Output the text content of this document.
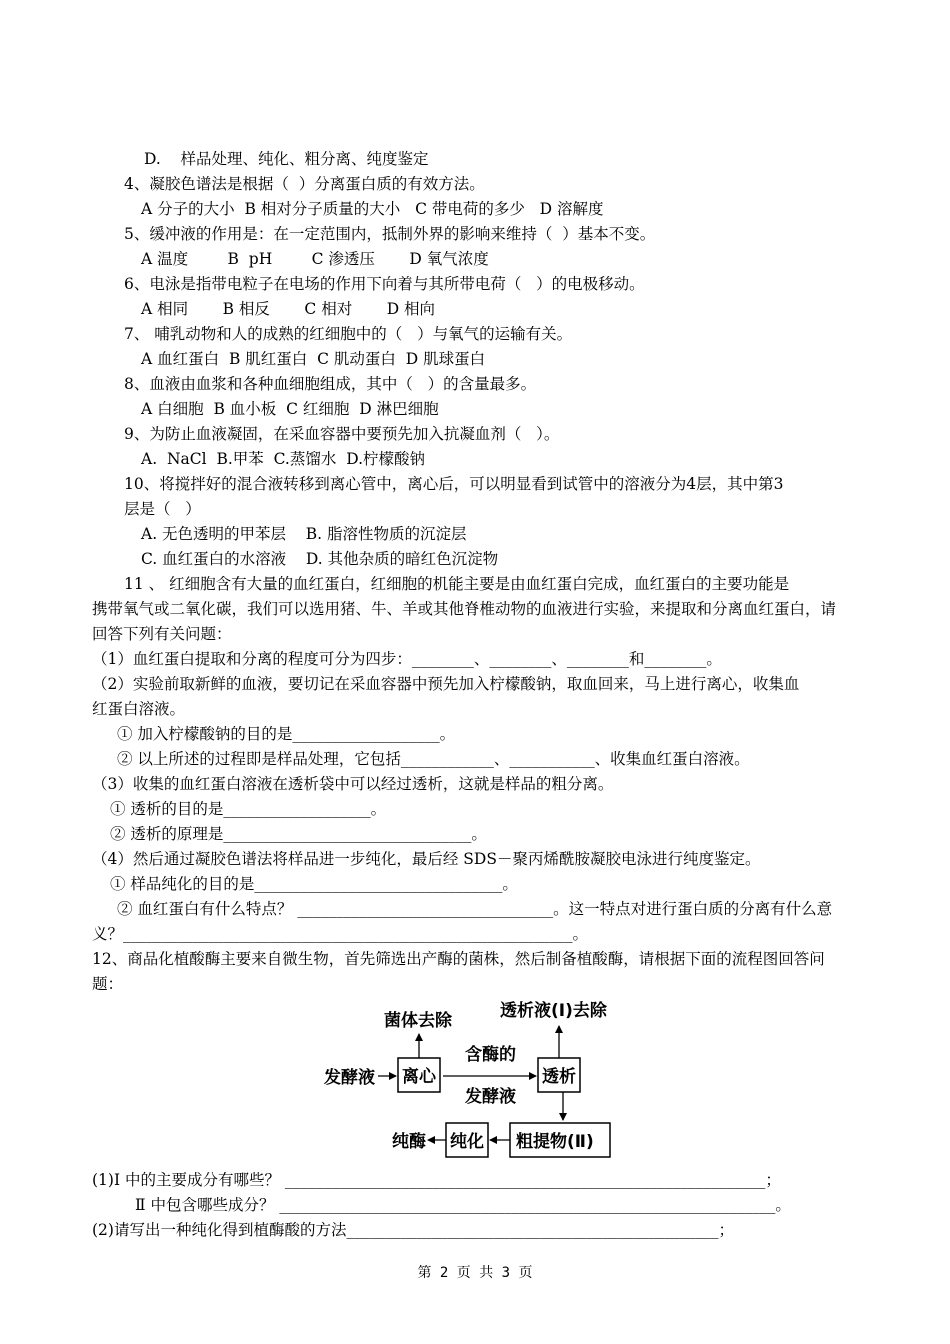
D.    样品处理、纯化、粗分离、纯度鉴定
4、凝胶色谱法是根据（  ）分离蛋白质的有效方法。
A 分子的大小  B 相对分子质量的大小   C 带电荷的多少   D 溶解度
5、缓冲液的作用是：在一定范围内，抵制外界的影响来维持（  ）基本不变。
A 温度        B  pH        C 渗透压       D 氧气浓度
6、电泳是指带电粒子在电场的作用下向着与其所带电荷（   ）的电极移动。
A 相同       B 相反       C 相对       D 相向
7、 哺乳动物和人的成熟的红细胞中的（   ）与氧气的运输有关。
A 血红蛋白  B 肌红蛋白  C 肌动蛋白  D 肌球蛋白
8、血液由血浆和各种血细胞组成，其中（   ）的含量最多。
A 白细胞  B 血小板  C 红细胞  D 淋巴细胞
9、为防止血液凝固，在采血容器中要预先加入抗凝血剂（   ）。
A.  NaCl  B.甲苯  C.蒸馏水  D.柠檬酸钠
10、将搅拌好的混合液转移到离心管中，离心后，可以明显看到试管中的溶液分为4层，其中第3
层是（   ）
A. 无色透明的甲苯层    B. 脂溶性物质的沉淀层
C. 血红蛋白的水溶液    D. 其他杂质的暗红色沉淀物
11 、 红细胞含有大量的血红蛋白，红细胞的机能主要是由血红蛋白完成，血红蛋白的主要功能是
携带氧气或二氧化碳，我们可以选用猪、牛、羊或其他脊椎动物的血液进行实验，来提取和分离血红蛋白，请
回答下列有关问题：
（1）血红蛋白提取和分离的程度可分为四步：________、________、________和________。
（2）实验前取新鲜的血液，要切记在采血容器中预先加入柠檬酸钠，取血回来，马上进行离心，收集血
红蛋白溶液。
① 加入柠檬酸钠的目的是___________________。
② 以上所述的过程即是样品处理，它包括____________、___________、收集血红蛋白溶液。
（3）收集的血红蛋白溶液在透析袋中可以经过透析，这就是样品的粗分离。
① 透析的目的是___________________。
② 透析的原理是________________________________。
（4）然后通过凝胶色谱法将样品进一步纯化，最后经 SDS－聚丙烯酰胺凝胶电泳进行纯度鉴定。
① 样品纯化的目的是________________________________。
② 血红蛋白有什么特点？ _________________________________。这一特点对进行蛋白质的分离有什么意
义？__________________________________________________________。
12、商品化植酸酶主要来自微生物，首先筛选出产酶的菌株，然后制备植酸酶，请根据下面的流程图回答问
题：
发酵液 离心
菌体去除
含酶的
发酵液
透析
透析液(Ⅰ)去除
粗提物(Ⅱ)
纯化
纯酶
(1)Ⅰ 中的主要成分有哪些？ ______________________________________________________________；
Ⅱ 中包含哪些成分？ ________________________________________________________________。
(2)请写出一种纯化得到植酶酸的方法________________________________________________；
第 2 页 共 3 页
